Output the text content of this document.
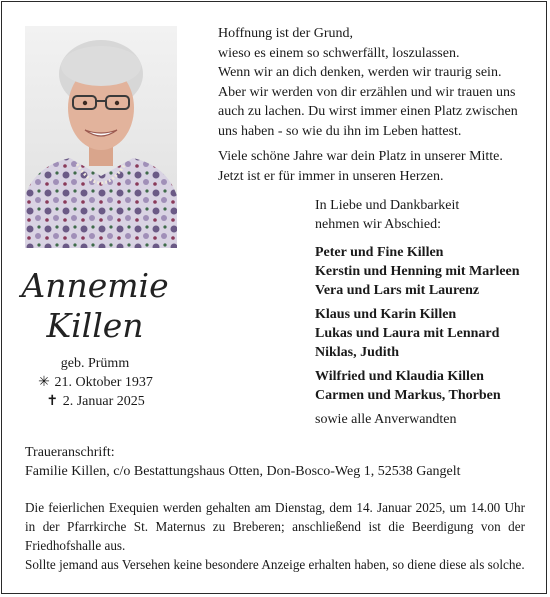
Hoffnung ist der Grund,
wieso es einem so schwerfällt, loszulassen.
Wenn wir an dich denken, werden wir traurig sein.
Aber wir werden von dir erzählen und wir trauen uns
auch zu lachen. Du wirst immer einen Platz zwischen
uns haben - so wie du ihn im Leben hattest.
Viele schöne Jahre war dein Platz in unserer Mitte.
Jetzt ist er für immer in unseren Herzen.
Annemie
Killen
geb. Prümm
✳ 21. Oktober 1937
✝ 2. Januar 2025
In Liebe und Dankbarkeit
nehmen wir Abschied:
Peter und Fine Killen
Kerstin und Henning mit Marleen
Vera und Lars mit Laurenz
Klaus und Karin Killen
Lukas und Laura mit Lennard
Niklas, Judith
Wilfried und Klaudia Killen
Carmen und Markus, Thorben
sowie alle Anverwandten
Traueranschrift:
Familie Killen, c/o Bestattungshaus Otten, Don-Bosco-Weg 1, 52538 Gangelt
Die feierlichen Exequien werden gehalten am Dienstag, dem 14. Januar 2025, um 14.00 Uhr in der Pfarrkirche St. Maternus zu Breberen; anschließend ist die Beerdigung von der Friedhofshalle aus.
Sollte jemand aus Versehen keine besondere Anzeige erhalten haben, so diene diese als solche.
